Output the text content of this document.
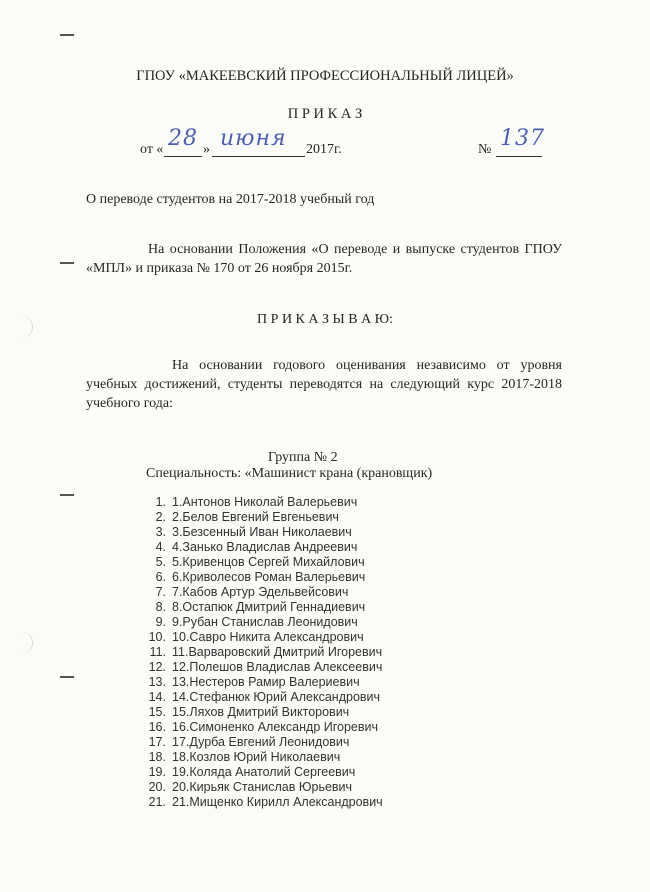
ГПОУ «МАКЕЕВСКИЙ ПРОФЕССИОНАЛЬНЫЙ ЛИЦЕЙ»
П Р И К А З
от « 28 » июня 2017г.	№ 137
О переводе студентов на 2017-2018 учебный год
На основании Положения «О переводе и выпуске студентов ГПОУ «МПЛ» и приказа № 170 от 26 ноября 2015г.
П Р И К А З Ы В А Ю:
На основании годового оценивания независимо от уровня учебных достижений, студенты переводятся на следующий курс 2017-2018 учебного года:
Группа № 2
Специальность: «Машинист крана (крановщик)
1. 1.Антонов Николай Валерьевич
2. 2.Белов Евгений Евгеньевич
3. 3.Безсенный Иван Николаевич
4. 4.Занько Владислав Андреевич
5. 5.Кривенцов Сергей Михайлович
6. 6.Криволесов Роман Валерьевич
7. 7.Кабов Артур Эдельвейсович
8. 8.Остапюк Дмитрий Геннадиевич
9. 9.Рубан Станислав Леонидович
10. 10.Савро Никита Александрович
11. 11.Варваровский Дмитрий Игоревич
12. 12.Полешов Владислав Алексеевич
13. 13.Нестеров Рамир Валериевич
14. 14.Стефанюк Юрий Александрович
15. 15.Ляхов Дмитрий Викторович
16. 16.Симоненко Александр Игоревич
17. 17.Дурба Евгений Леонидович
18. 18.Козлов Юрий Николаевич
19. 19.Коляда Анатолий Сергеевич
20. 20.Кирьяк Станислав Юрьевич
21. 21.Мищенко Кирилл Александрович
